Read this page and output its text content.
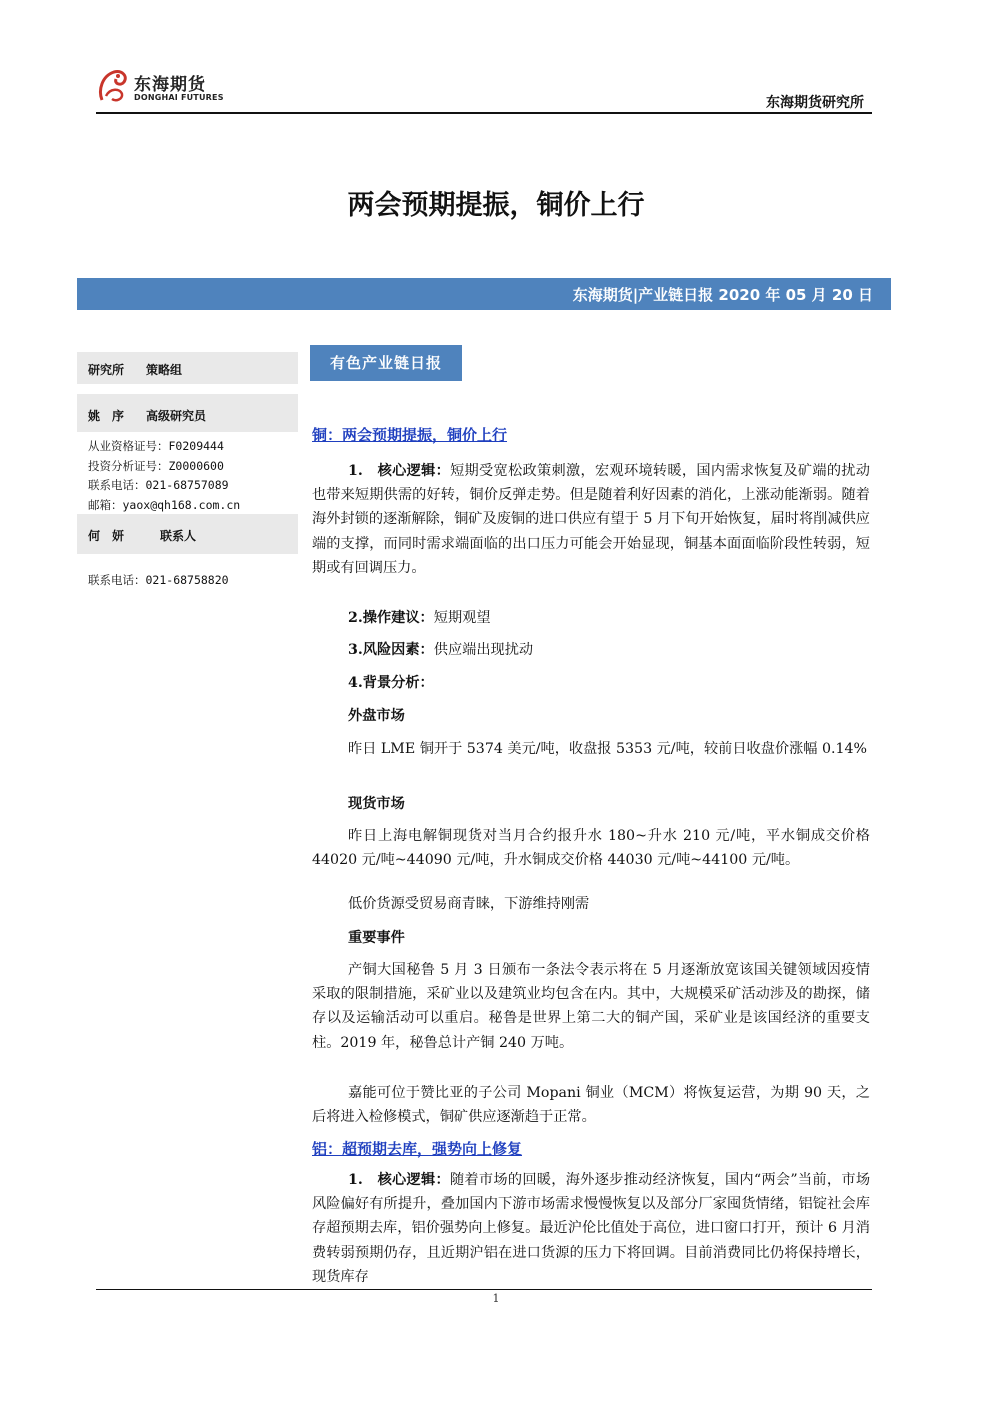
东海期货
DONGHAI FUTURES	东海期货研究所
两会预期提振，铜价上行
东海期货|产业链日报 2020 年 05 月 20 日
研究所 策略组
姚　序 高级研究员
从业资格证号：F0209444
投资分析证号：Z0000600
联系电话：021-68757089
邮箱：yaox@qh168.com.cn
何　妍	联系人
联系电话：021-68758820
有色产业链日报
铜：两会预期提振，铜价上行
1.　核心逻辑：短期受宽松政策刺激，宏观环境转暖，国内需求恢复及矿端的扰动也带来短期供需的好转，铜价反弹走势。但是随着利好因素的消化，上涨动能渐弱。随着海外封锁的逐渐解除，铜矿及废铜的进口供应有望于 5 月下旬开始恢复，届时将削减供应端的支撑，而同时需求端面临的出口压力可能会开始显现，铜基本面面临阶段性转弱，短期或有回调压力。
2.操作建议：短期观望
3.风险因素：供应端出现扰动
4.背景分析：
外盘市场
昨日 LME 铜开于 5374 美元/吨，收盘报 5353 元/吨，较前日收盘价涨幅 0.14%
现货市场
昨日上海电解铜现货对当月合约报升水 180~升水 210 元/吨，平水铜成交价格 44020 元/吨~44090 元/吨，升水铜成交价格 44030 元/吨~44100 元/吨。
低价货源受贸易商青睐，下游维持刚需
重要事件
产铜大国秘鲁 5 月 3 日颁布一条法令表示将在 5 月逐渐放宽该国关键领域因疫情采取的限制措施，采矿业以及建筑业均包含在内。其中，大规模采矿活动涉及的勘探，储存以及运输活动可以重启。秘鲁是世界上第二大的铜产国，采矿业是该国经济的重要支柱。2019 年，秘鲁总计产铜 240 万吨。
嘉能可位于赞比亚的子公司 Mopani 铜业（MCM）将恢复运营，为期 90 天，之后将进入检修模式，铜矿供应逐渐趋于正常。
铝：超预期去库，强势向上修复
1.　核心逻辑：随着市场的回暖，海外逐步推动经济恢复，国内“两会”当前，市场风险偏好有所提升，叠加国内下游市场需求慢慢恢复以及部分厂家囤货情绪，铝锭社会库存超预期去库，铝价强势向上修复。最近沪伦比值处于高位，进口窗口打开，预计 6 月消费转弱预期仍存，且近期沪铝在进口货源的压力下将回调。目前消费同比仍将保持增长，现货库存
1
